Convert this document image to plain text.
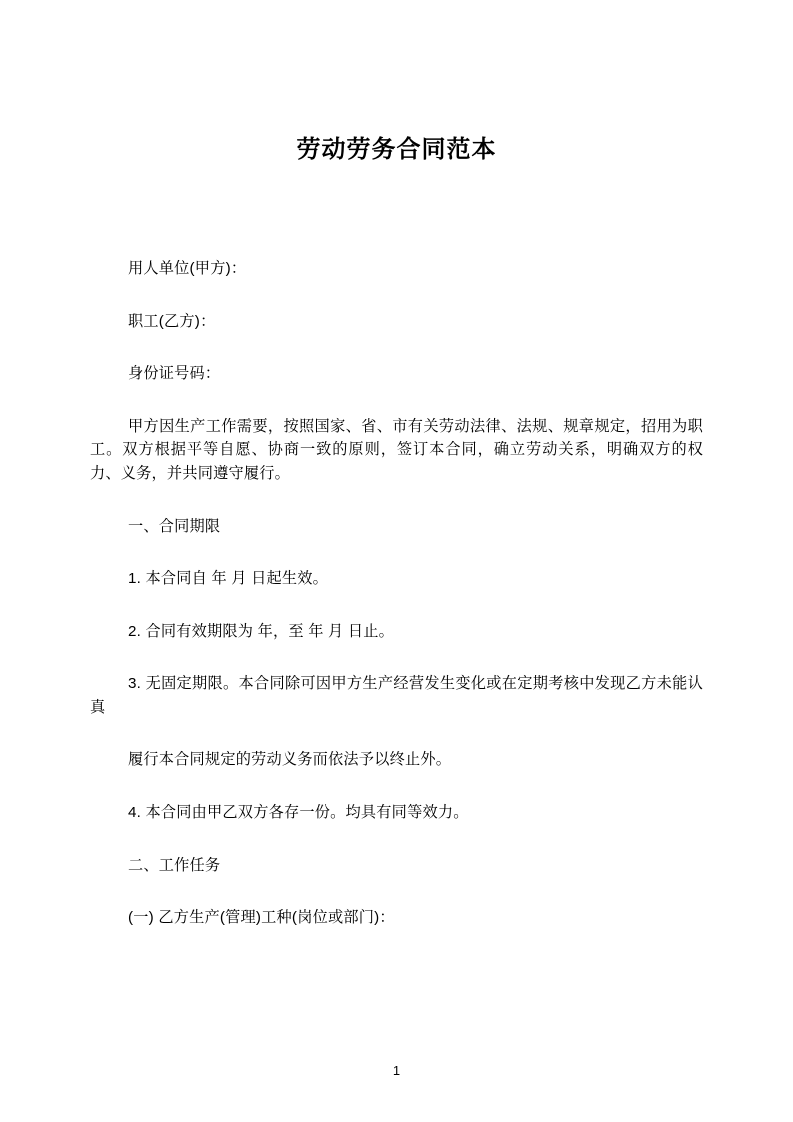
劳动劳务合同范本

用人单位(甲方)：

职工(乙方)：

身份证号码：

甲方因生产工作需要，按照国家、省、市有关劳动法律、法规、规章规定，招用为职工。双方根据平等自愿、协商一致的原则，签订本合同，确立劳动关系，明确双方的权力、义务，并共同遵守履行。

一、合同期限

1. 本合同自 年 月 日起生效。

2. 合同有效期限为 年，至 年 月 日止。

3. 无固定期限。本合同除可因甲方生产经营发生变化或在定期考核中发现乙方未能认真

履行本合同规定的劳动义务而依法予以终止外。

4. 本合同由甲乙双方各存一份。均具有同等效力。

二、工作任务

(一) 乙方生产(管理)工种(岗位或部门)：

1
